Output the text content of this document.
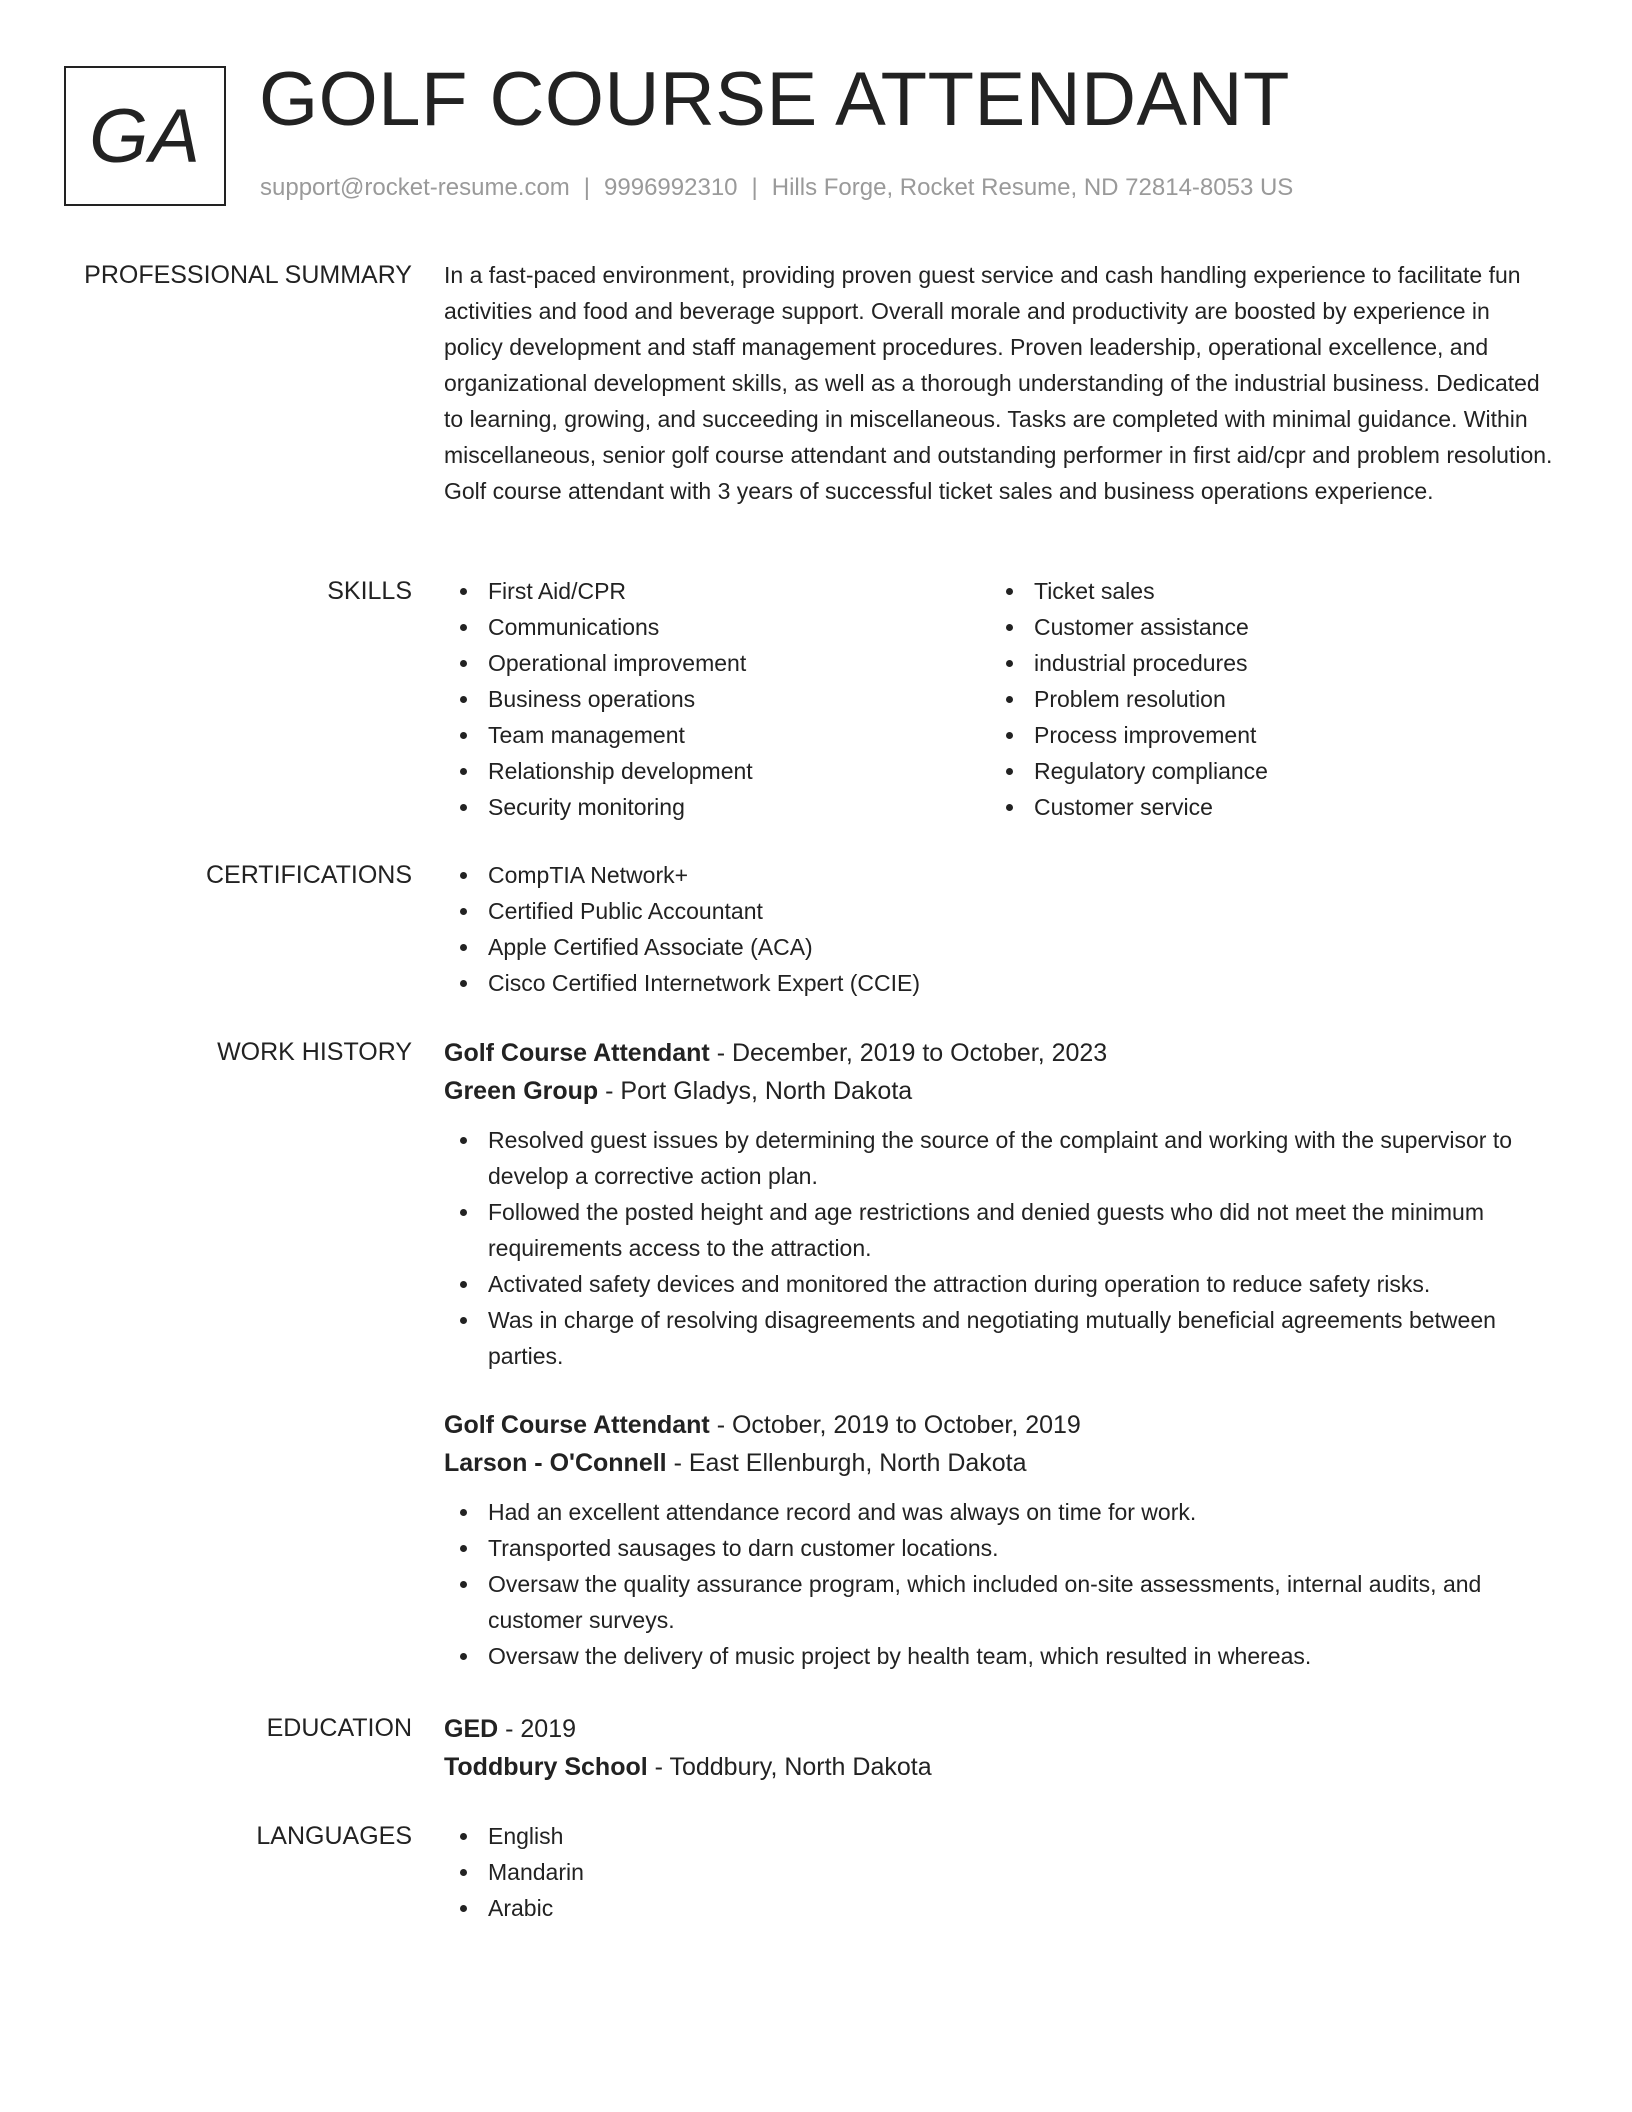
GA GOLF COURSE ATTENDANT
support@rocket-resume.com | 9996992310 | Hills Forge, Rocket Resume, ND 72814-8053 US
PROFESSIONAL SUMMARY In a fast-paced environment, providing proven guest service and cash handling experience to facilitate fun activities and food and beverage support. Overall morale and productivity are boosted by experience in policy development and staff management procedures. Proven leadership, operational excellence, and organizational development skills, as well as a thorough understanding of the industrial business. Dedicated to learning, growing, and succeeding in miscellaneous. Tasks are completed with minimal guidance. Within miscellaneous, senior golf course attendant and outstanding performer in first aid/cpr and problem resolution. Golf course attendant with 3 years of successful ticket sales and business operations experience.

SKILLS	First Aid/CPR
Communications
Operational improvement
Business operations
Team management
Relationship development
Security monitoring
Ticket sales
Customer assistance
industrial procedures
Problem resolution
Process improvement
Regulatory compliance
Customer service
CERTIFICATIONS	CompTIA Network+
Certified Public Accountant
Apple Certified Associate (ACA)
Cisco Certified Internetwork Expert (CCIE)
WORK HISTORY Golf Course Attendant - December, 2019 to October, 2023
Green Group - Port Gladys, North Dakota
Resolved guest issues by determining the source of the complaint and working with the supervisor to develop a corrective action plan.
Followed the posted height and age restrictions and denied guests who did not meet the minimum requirements access to the attraction.
Activated safety devices and monitored the attraction during operation to reduce safety risks.
Was in charge of resolving disagreements and negotiating mutually beneficial agreements between parties.
Golf Course Attendant - October, 2019 to October, 2019
Larson - O'Connell - East Ellenburgh, North Dakota
Had an excellent attendance record and was always on time for work.
Transported sausages to darn customer locations.
Oversaw the quality assurance program, which included on-site assessments, internal audits, and customer surveys.
Oversaw the delivery of music project by health team, which resulted in whereas.
EDUCATION GED - 2019
Toddbury School - Toddbury, North Dakota
LANGUAGES	English
Mandarin
Arabic
